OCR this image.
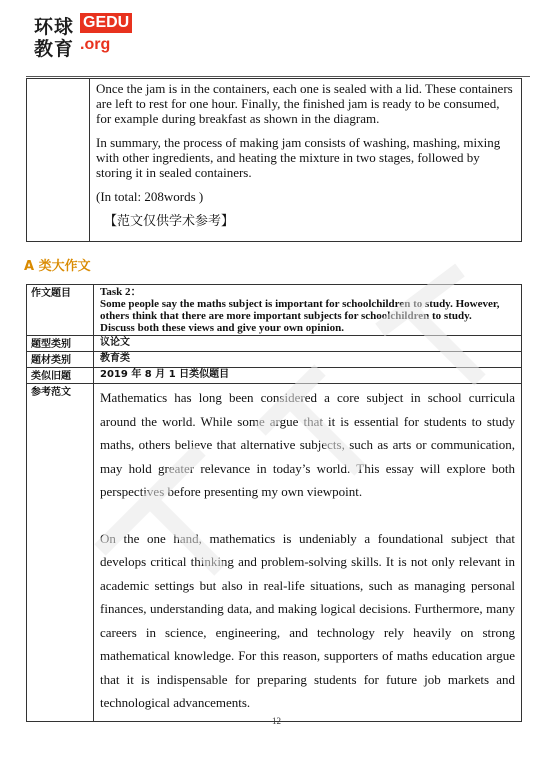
环球 GEDU
教育 .org

Once the jam is in the containers, each one is sealed with a lid. These containers are left to rest for one hour. Finally, the finished jam is ready to be consumed, for example during breakfast as shown in the diagram.

In summary, the process of making jam consists of washing, mashing, mixing with other ingredients, and heating the mixture in two stages, followed by storing it in sealed containers.

(In total: 208words )

【范文仅供学术参考】

A 类大作文
作文题目	Task 2：
Some people say the maths subject is important for schoolchildren to study. However, others think that there are more important subjects for schoolchildren to study.
Discuss both these views and give your own opinion.

题型类别	议论文
题材类别	教育类
类似旧题	2019 年 8 月 1 日类似题目
参考范文	Mathematics has long been considered a core subject in school curricula around the world. While some argue that it is essential for students to study maths, others believe that alternative subjects, such as arts or communication, may hold greater relevance in today’s world. This essay will explore both perspectives before presenting my own viewpoint.

On the one hand, mathematics is undeniably a foundational subject that develops critical thinking and problem-solving skills. It is not only relevant in academic settings but also in real-life situations, such as managing personal finances, understanding data, and making logical decisions. Furthermore, many careers in science, engineering, and technology rely heavily on strong mathematical knowledge. For this reason, supporters of maths education argue that it is indispensable for preparing students for future job markets and technological advancements.

12
